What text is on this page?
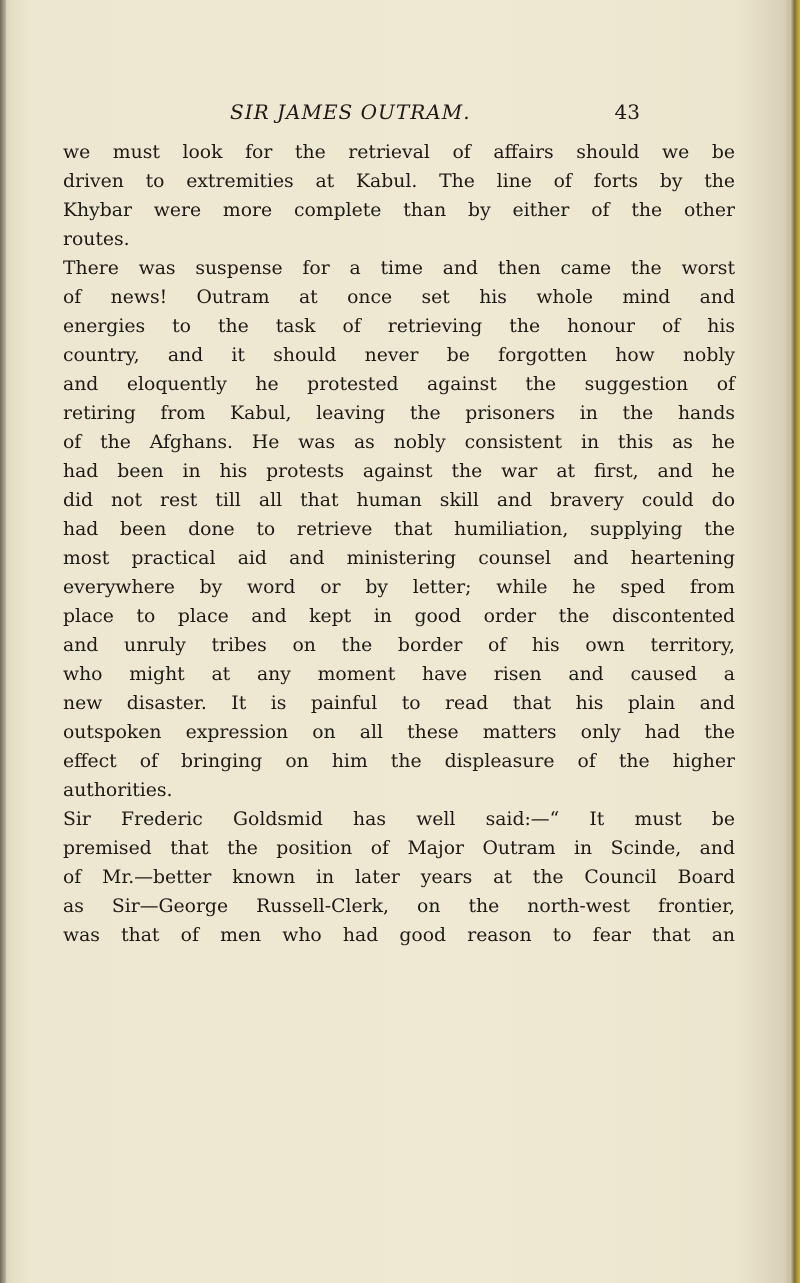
SIR JAMES OUTRAM.	43
we must look for the retrieval of affairs should we be
driven to extremities at Kabul. The line of forts by the
Khybar were more complete than by either of the other
routes.
There was suspense for a time and then came the worst
of news! Outram at once set his whole mind and
energies to the task of retrieving the honour of his
country, and it should never be forgotten how nobly
and eloquently he protested against the suggestion of
retiring from Kabul, leaving the prisoners in the hands
of the Afghans. He was as nobly consistent in this as he
had been in his protests against the war at first, and he
did not rest till all that human skill and bravery could do
had been done to retrieve that humiliation, supplying the
most practical aid and ministering counsel and heartening
everywhere by word or by letter; while he sped from
place to place and kept in good order the discontented
and unruly tribes on the border of his own territory,
who might at any moment have risen and caused a
new disaster. It is painful to read that his plain and
outspoken expression on all these matters only had the
effect of bringing on him the displeasure of the higher
authorities.
Sir Frederic Goldsmid has well said:—“ It must be
premised that the position of Major Outram in Scinde, and
of Mr.—better known in later years at the Council Board
as Sir—George Russell-Clerk, on the north-west frontier,
was that of men who had good reason to fear that an
